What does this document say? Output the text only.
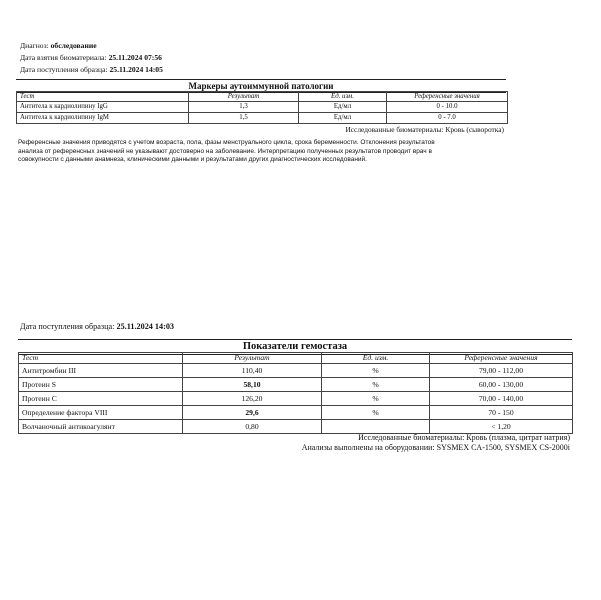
Диагноз: обследование
Дата взятия биоматериала: 25.11.2024 07:56
Дата поступления образца: 25.11.2024 14:05
Маркеры аутоиммунной патологии
Тест	Результат	Ед. изм.	Референсные значения
Антитела к кардиолипину IgG	1,3	Ед/мл	0 - 10.0
Антитела к кардиолипину IgM	1,5	Ед/мл	0 - 7.0
Исследованные биоматериалы: Кровь (сыворотка)
Референсные значения приводятся с учетом возраста, пола, фазы менструального цикла, срока беременности. Отклонения результатов
анализа от референсных значений не указывают достоверно на заболевание. Интерпретацию полученных результатов проводит врач в
совокупности с данными анамнеза, клиническими данными и результатами других диагностических исследований.
Дата поступления образца: 25.11.2024 14:03
Показатели гемостаза
Тест	Результат	Ед. изм.	Референсные значения
Антитромбин III	110,40	%	79,00 - 112,00
Протеин S	58,10	%	60,00 - 130,00
Протеин C	126,20	%	70,00 - 140,00
Определение фактора VIII	29,6	%	70 - 150
Волчаночный антикоагулянт	0,80		< 1,20
Исследованные биоматериалы: Кровь (плазма, цитрат натрия)
Анализы выполнены на оборудовании: SYSMEX CA-1500, SYSMEX CS-2000i
